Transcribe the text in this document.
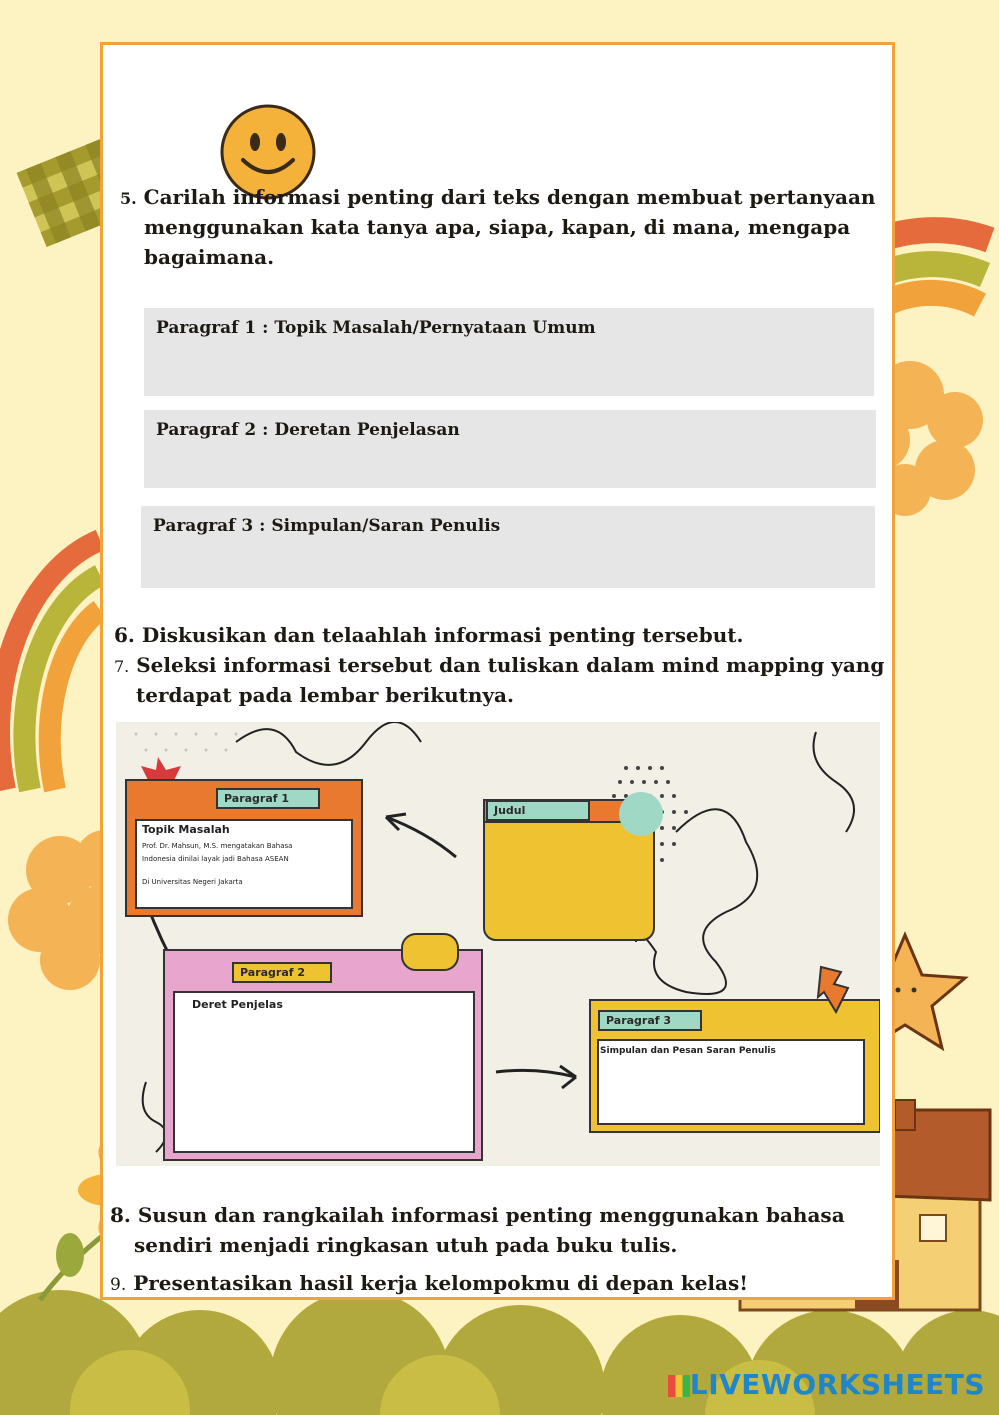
5. Carilah informasi penting dari teks dengan membuat pertanyaan
menggunakan kata tanya apa, siapa, kapan, di mana, mengapa
bagaimana.
Paragraf 1 : Topik Masalah/Pernyataan Umum
Paragraf 2 : Deretan Penjelasan
Paragraf 3 : Simpulan/Saran Penulis
6. Diskusikan dan telaahlah informasi penting tersebut.
7. Seleksi informasi tersebut dan tuliskan dalam mind mapping yang
terdapat pada lembar berikutnya.
Paragraf 1
Topik Masalah
Prof. Dr. Mahsun, M.S. mengatakan Bahasa
Indonesia dinilai layak jadi Bahasa ASEAN
Di Universitas Negeri Jakarta
Judul
Paragraf 2
Deret Penjelas
Paragraf 3
Simpulan dan Pesan Saran Penulis
8. Susun dan rangkailah informasi penting menggunakan bahasa
sendiri menjadi ringkasan utuh pada buku tulis.
9. Presentasikan hasil kerja kelompokmu di depan kelas!
LIVEWORKSHEETS
